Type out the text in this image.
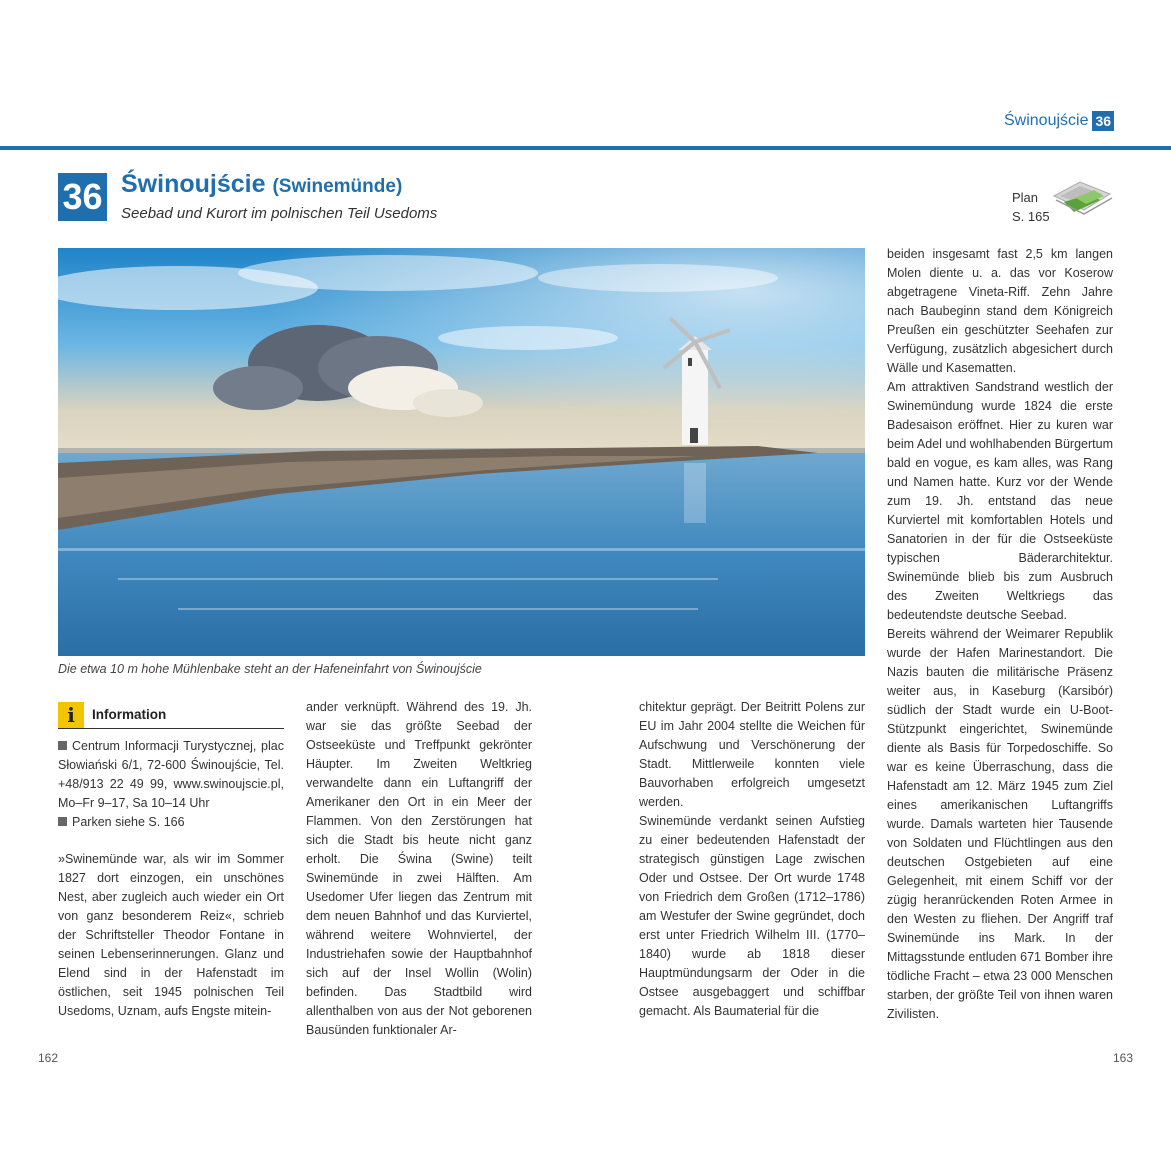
Świnoujście 36
36 Świnoujście (Swinemünde)
Seebad und Kurort im polnischen Teil Usedoms
Plan
S. 165
Die etwa 10 m hohe Mühlenbake steht an der Hafeneinfahrt von Świnoujście
i	Information

Centrum Informacji Turystycznej, plac Słowiański 6/1, 72-600 Świnoujście, Tel. +48/913 22 49 99, www.swinoujscie.pl, Mo–Fr 9–17, Sa 10–14 Uhr

Parken siehe S. 166

»Swinemünde war, als wir im Sommer 1827 dort einzogen, ein unschönes Nest, aber zugleich auch wieder ein Ort von ganz besonderem Reiz«, schrieb der Schriftsteller Theodor Fontane in seinen Lebenserinnerungen. Glanz und Elend sind in der Hafenstadt im östlichen, seit 1945 polnischen Teil Usedoms, Uznam, aufs Engste mitein-

ander verknüpft. Während des 19. Jh. war sie das größte Seebad der Ostseeküste und Treffpunkt gekrönter Häupter. Im Zweiten Weltkrieg verwandelte dann ein Luftangriff der Amerikaner den Ort in ein Meer der Flammen. Von den Zerstörungen hat sich die Stadt bis heute nicht ganz erholt. Die Świna (Swine) teilt Swinemünde in zwei Hälften. Am Usedomer Ufer liegen das Zentrum mit dem neuen Bahnhof und das Kurviertel, während weitere Wohnviertel, der Industriehafen sowie der Hauptbahnhof sich auf der Insel Wollin (Wolin) befinden. Das Stadtbild wird allenthalben von aus der Not geborenen Bausünden funktionaler Ar-

chitektur geprägt. Der Beitritt Polens zur EU im Jahr 2004 stellte die Weichen für Aufschwung und Verschönerung der Stadt. Mittlerweile konnten viele Bauvorhaben erfolgreich umgesetzt werden.

Swinemünde verdankt seinen Aufstieg zu einer bedeutenden Hafenstadt der strategisch günstigen Lage zwischen Oder und Ostsee. Der Ort wurde 1748 von Friedrich dem Großen (1712–1786) am Westufer der Swine gegründet, doch erst unter Friedrich Wilhelm III. (1770–1840) wurde ab 1818 dieser Hauptmündungsarm der Oder in die Ostsee ausgebaggert und schiffbar gemacht. Als Baumaterial für die

beiden insgesamt fast 2,5 km langen Molen diente u. a. das vor Koserow abgetragene Vineta-Riff. Zehn Jahre nach Baubeginn stand dem Königreich Preußen ein geschützter Seehafen zur Verfügung, zusätzlich abgesichert durch Wälle und Kasematten.

Am attraktiven Sandstrand westlich der Swinemündung wurde 1824 die erste Badesaison eröffnet. Hier zu kuren war beim Adel und wohlhabenden Bürgertum bald en vogue, es kam alles, was Rang und Namen hatte. Kurz vor der Wende zum 19. Jh. entstand das neue Kurviertel mit komfortablen Hotels und Sanatorien in der für die Ostseeküste typischen Bäderarchitektur. Swinemünde blieb bis zum Ausbruch des Zweiten Weltkriegs das bedeutendste deutsche Seebad.

Bereits während der Weimarer Republik wurde der Hafen Marinestandort. Die Nazis bauten die militärische Präsenz weiter aus, in Kaseburg (Karsibór) südlich der Stadt wurde ein U-Boot-Stützpunkt eingerichtet, Swinemünde diente als Basis für Torpedoschiffe. So war es keine Überraschung, dass die Hafenstadt am 12. März 1945 zum Ziel eines amerikanischen Luftangriffs wurde. Damals warteten hier Tausende von Soldaten und Flüchtlingen aus den deutschen Ostgebieten auf eine Gelegenheit, mit einem Schiff vor der zügig heranrückenden Roten Armee in den Westen zu fliehen. Der Angriff traf Swinemünde ins Mark. In der Mittagsstunde entluden 671 Bomber ihre tödliche Fracht – etwa 23 000 Menschen starben, der größte Teil von ihnen waren Zivilisten.

162	163
